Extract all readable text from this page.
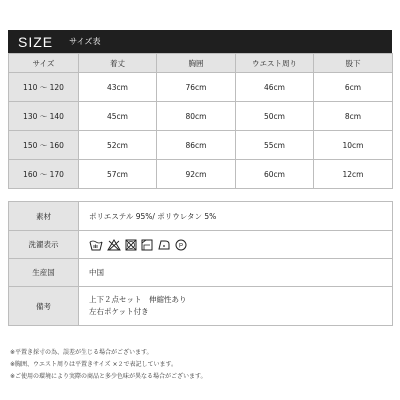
SIZE サイズ表
サイズ	着丈	胸囲	ウエスト周り	股下
110 ～ 120	43cm	76cm	46cm	6cm
130 ～ 140	45cm	80cm	50cm	8cm
150 ～ 160	52cm	86cm	55cm	10cm
160 ～ 170	57cm	92cm	60cm	12cm
素材	ポリエステル 95%/ ポリウレタン 5%
洗濯表示	P

生産国	中国
備考	上下２点セット　伸縮性あり
左右ポケット付き
※平置き採寸の為、誤差が生じる場合がございます。
※胸囲、ウエスト周りは平置きサイズ ×２で表記しています。
※ご使用の環境により実際の商品と多少色味が異なる場合がございます。
